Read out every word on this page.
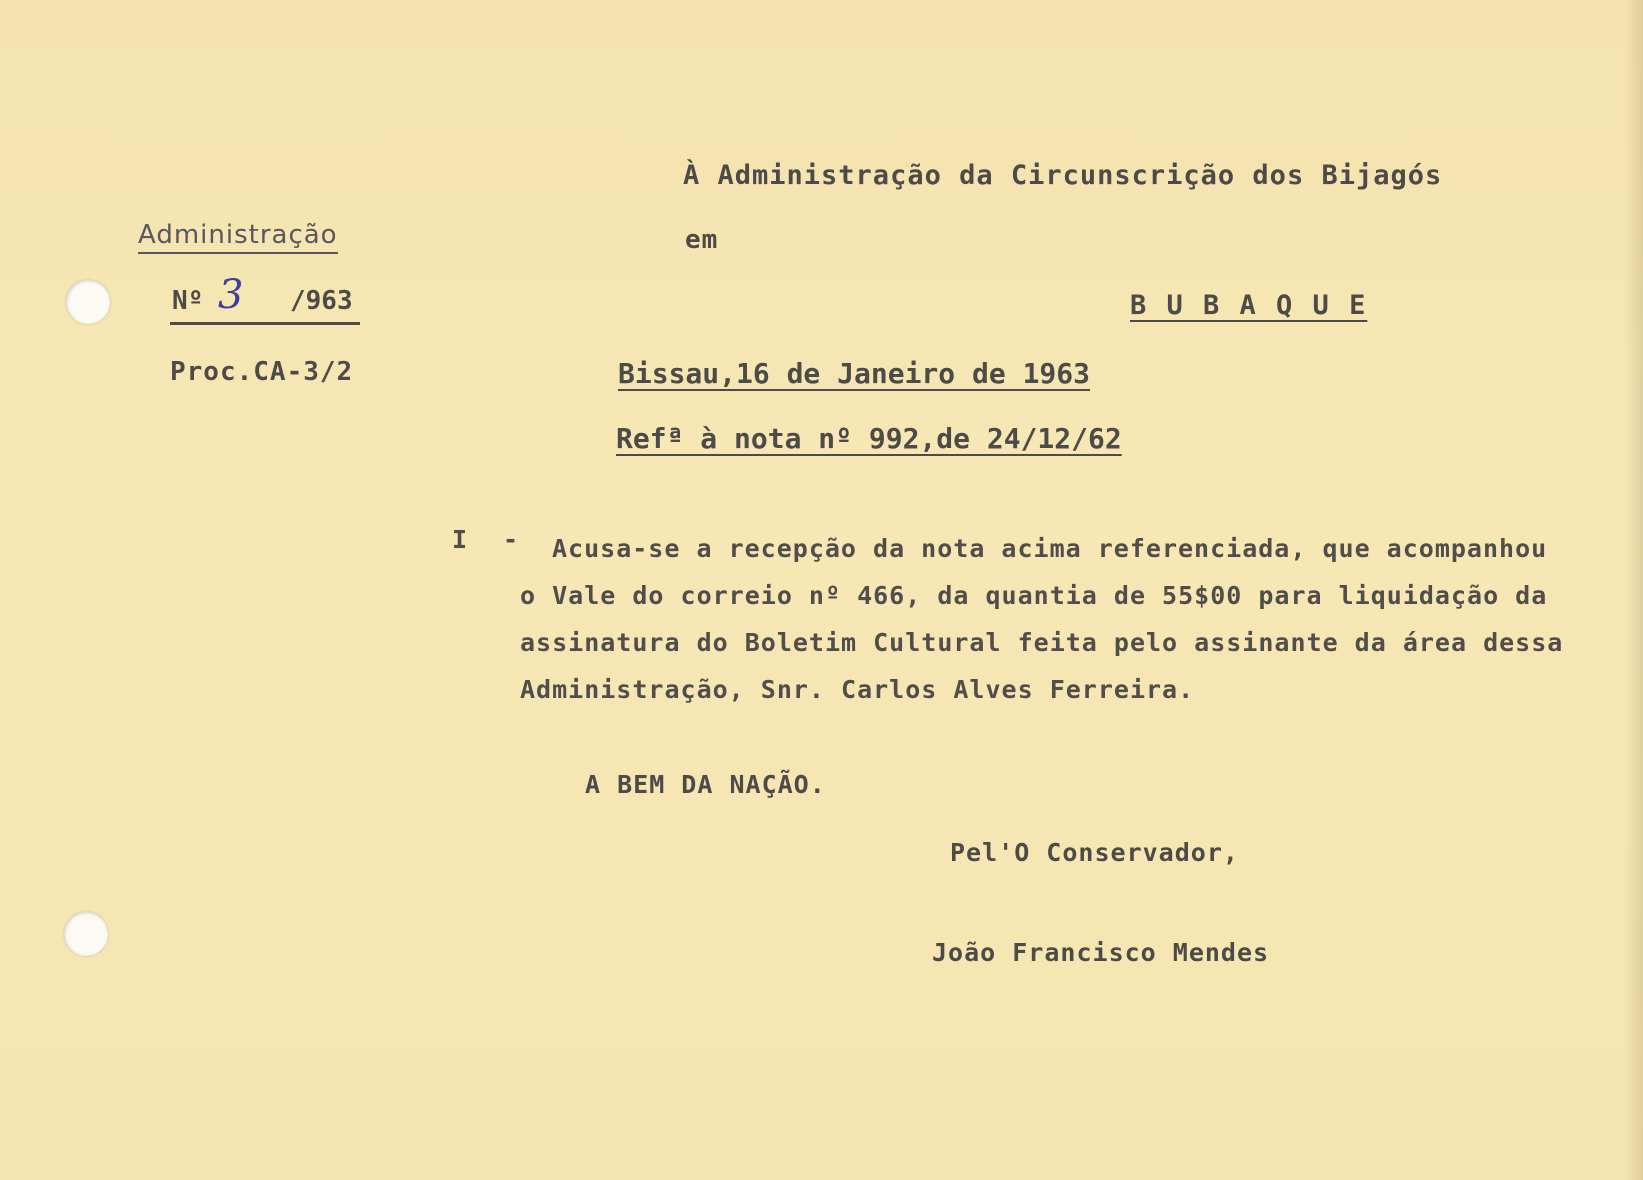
Administração
Nº 3 /963
Proc.CA-3/2
À Administração da Circunscrição dos Bijagós
em
B U B A Q U E
Bissau,16 de Janeiro de 1963
Refª à nota nº 992,de 24/12/62
I -	Acusa-se a recepção da nota acima referenciada, que acompanhou
o Vale do correio nº 466, da quantia de 55$00 para liquidação da
assinatura do Boletim Cultural feita pelo assinante da área dessa
Administração, Snr. Carlos Alves Ferreira.
A BEM DA NAÇÃO.
Pel'O Conservador,
João Francisco Mendes
